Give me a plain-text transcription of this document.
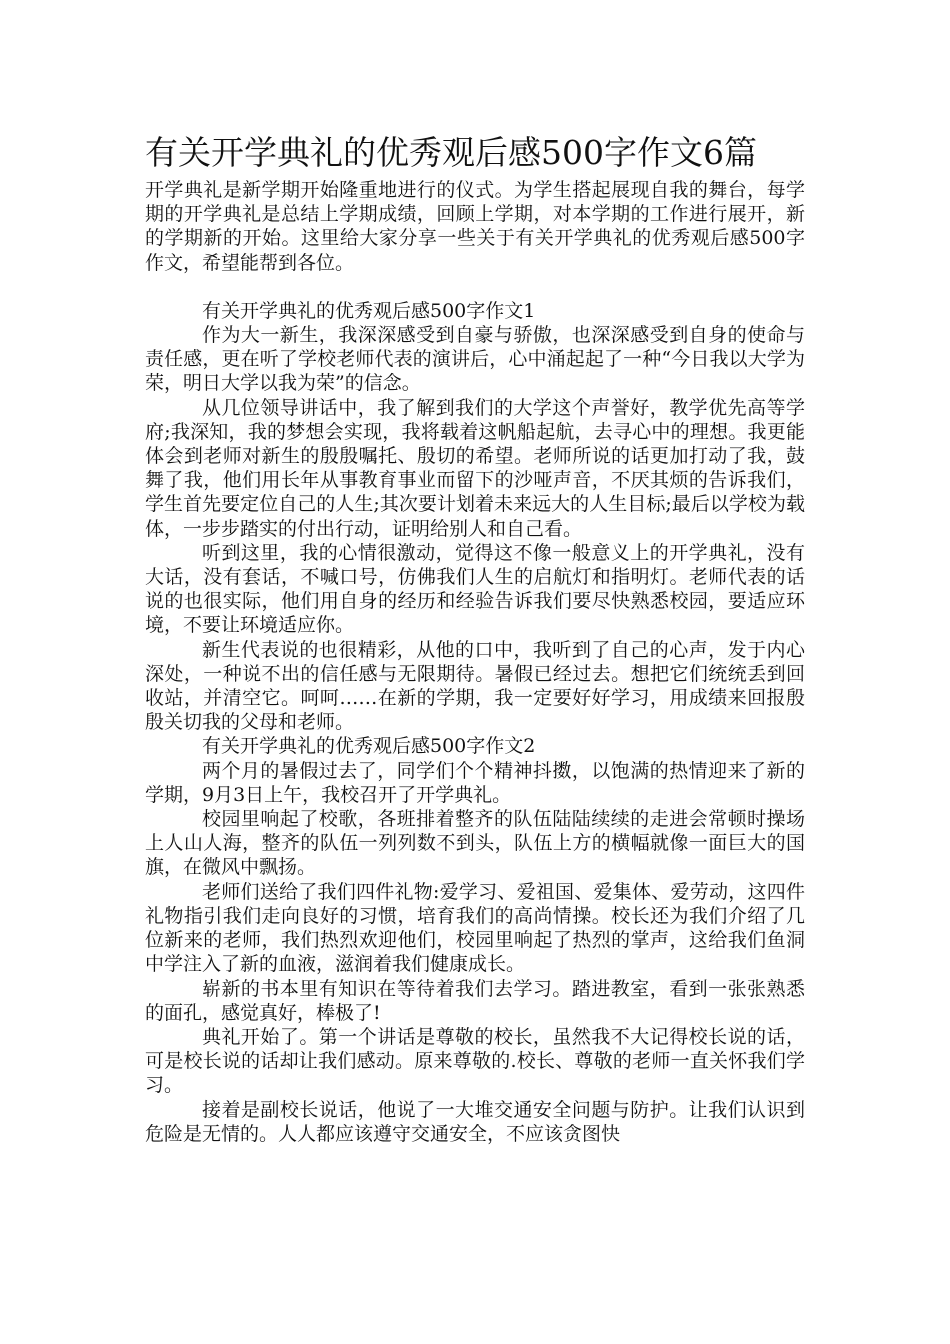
有关开学典礼的优秀观后感500字作文6篇

开学典礼是新学期开始隆重地进行的仪式。为学生搭起展现自我的舞台，每学期的开学典礼是总结上学期成绩，回顾上学期，对本学期的工作进行展开，新的学期新的开始。这里给大家分享一些关于有关开学典礼的优秀观后感500字作文，希望能帮到各位。

有关开学典礼的优秀观后感500字作文1

作为大一新生，我深深感受到自豪与骄傲，也深深感受到自身的使命与责任感，更在听了学校老师代表的演讲后，心中涌起起了一种“今日我以大学为荣，明日大学以我为荣”的信念。

从几位领导讲话中，我了解到我们的大学这个声誉好，教学优先高等学府;我深知，我的梦想会实现，我将载着这帆船起航，去寻心中的理想。我更能体会到老师对新生的殷殷嘱托、殷切的希望。老师所说的话更加打动了我，鼓舞了我，他们用长年从事教育事业而留下的沙哑声音，不厌其烦的告诉我们，学生首先要定位自己的人生;其次要计划着未来远大的人生目标;最后以学校为载体，一步步踏实的付出行动，证明给别人和自己看。

听到这里，我的心情很激动，觉得这不像一般意义上的开学典礼，没有大话，没有套话，不喊口号，仿佛我们人生的启航灯和指明灯。老师代表的话说的也很实际，他们用自身的经历和经验告诉我们要尽快熟悉校园，要适应环境，不要让环境适应你。

新生代表说的也很精彩，从他的口中，我听到了自己的心声，发于内心深处，一种说不出的信任感与无限期待。暑假已经过去。想把它们统统丢到回收站，并清空它。呵呵……在新的学期，我一定要好好学习，用成绩来回报殷殷关切我的父母和老师。

有关开学典礼的优秀观后感500字作文2

两个月的暑假过去了，同学们个个精神抖擞，以饱满的热情迎来了新的学期，9月3日上午，我校召开了开学典礼。

校园里响起了校歌，各班排着整齐的队伍陆陆续续的走进会常顿时操场上人山人海，整齐的队伍一列列数不到头，队伍上方的横幅就像一面巨大的国旗，在微风中飘扬。

老师们送给了我们四件礼物:爱学习、爱祖国、爱集体、爱劳动，这四件礼物指引我们走向良好的习惯，培育我们的高尚情操。校长还为我们介绍了几位新来的老师，我们热烈欢迎他们，校园里响起了热烈的掌声，这给我们鱼洞中学注入了新的血液，滋润着我们健康成长。

崭新的书本里有知识在等待着我们去学习。踏进教室，看到一张张熟悉的面孔，感觉真好，棒极了!

典礼开始了。第一个讲话是尊敬的校长，虽然我不大记得校长说的话，可是校长说的话却让我们感动。原来尊敬的.校长、尊敬的老师一直关怀我们学习。

接着是副校长说话，他说了一大堆交通安全问题与防护。让我们认识到危险是无情的。人人都应该遵守交通安全，不应该贪图快
